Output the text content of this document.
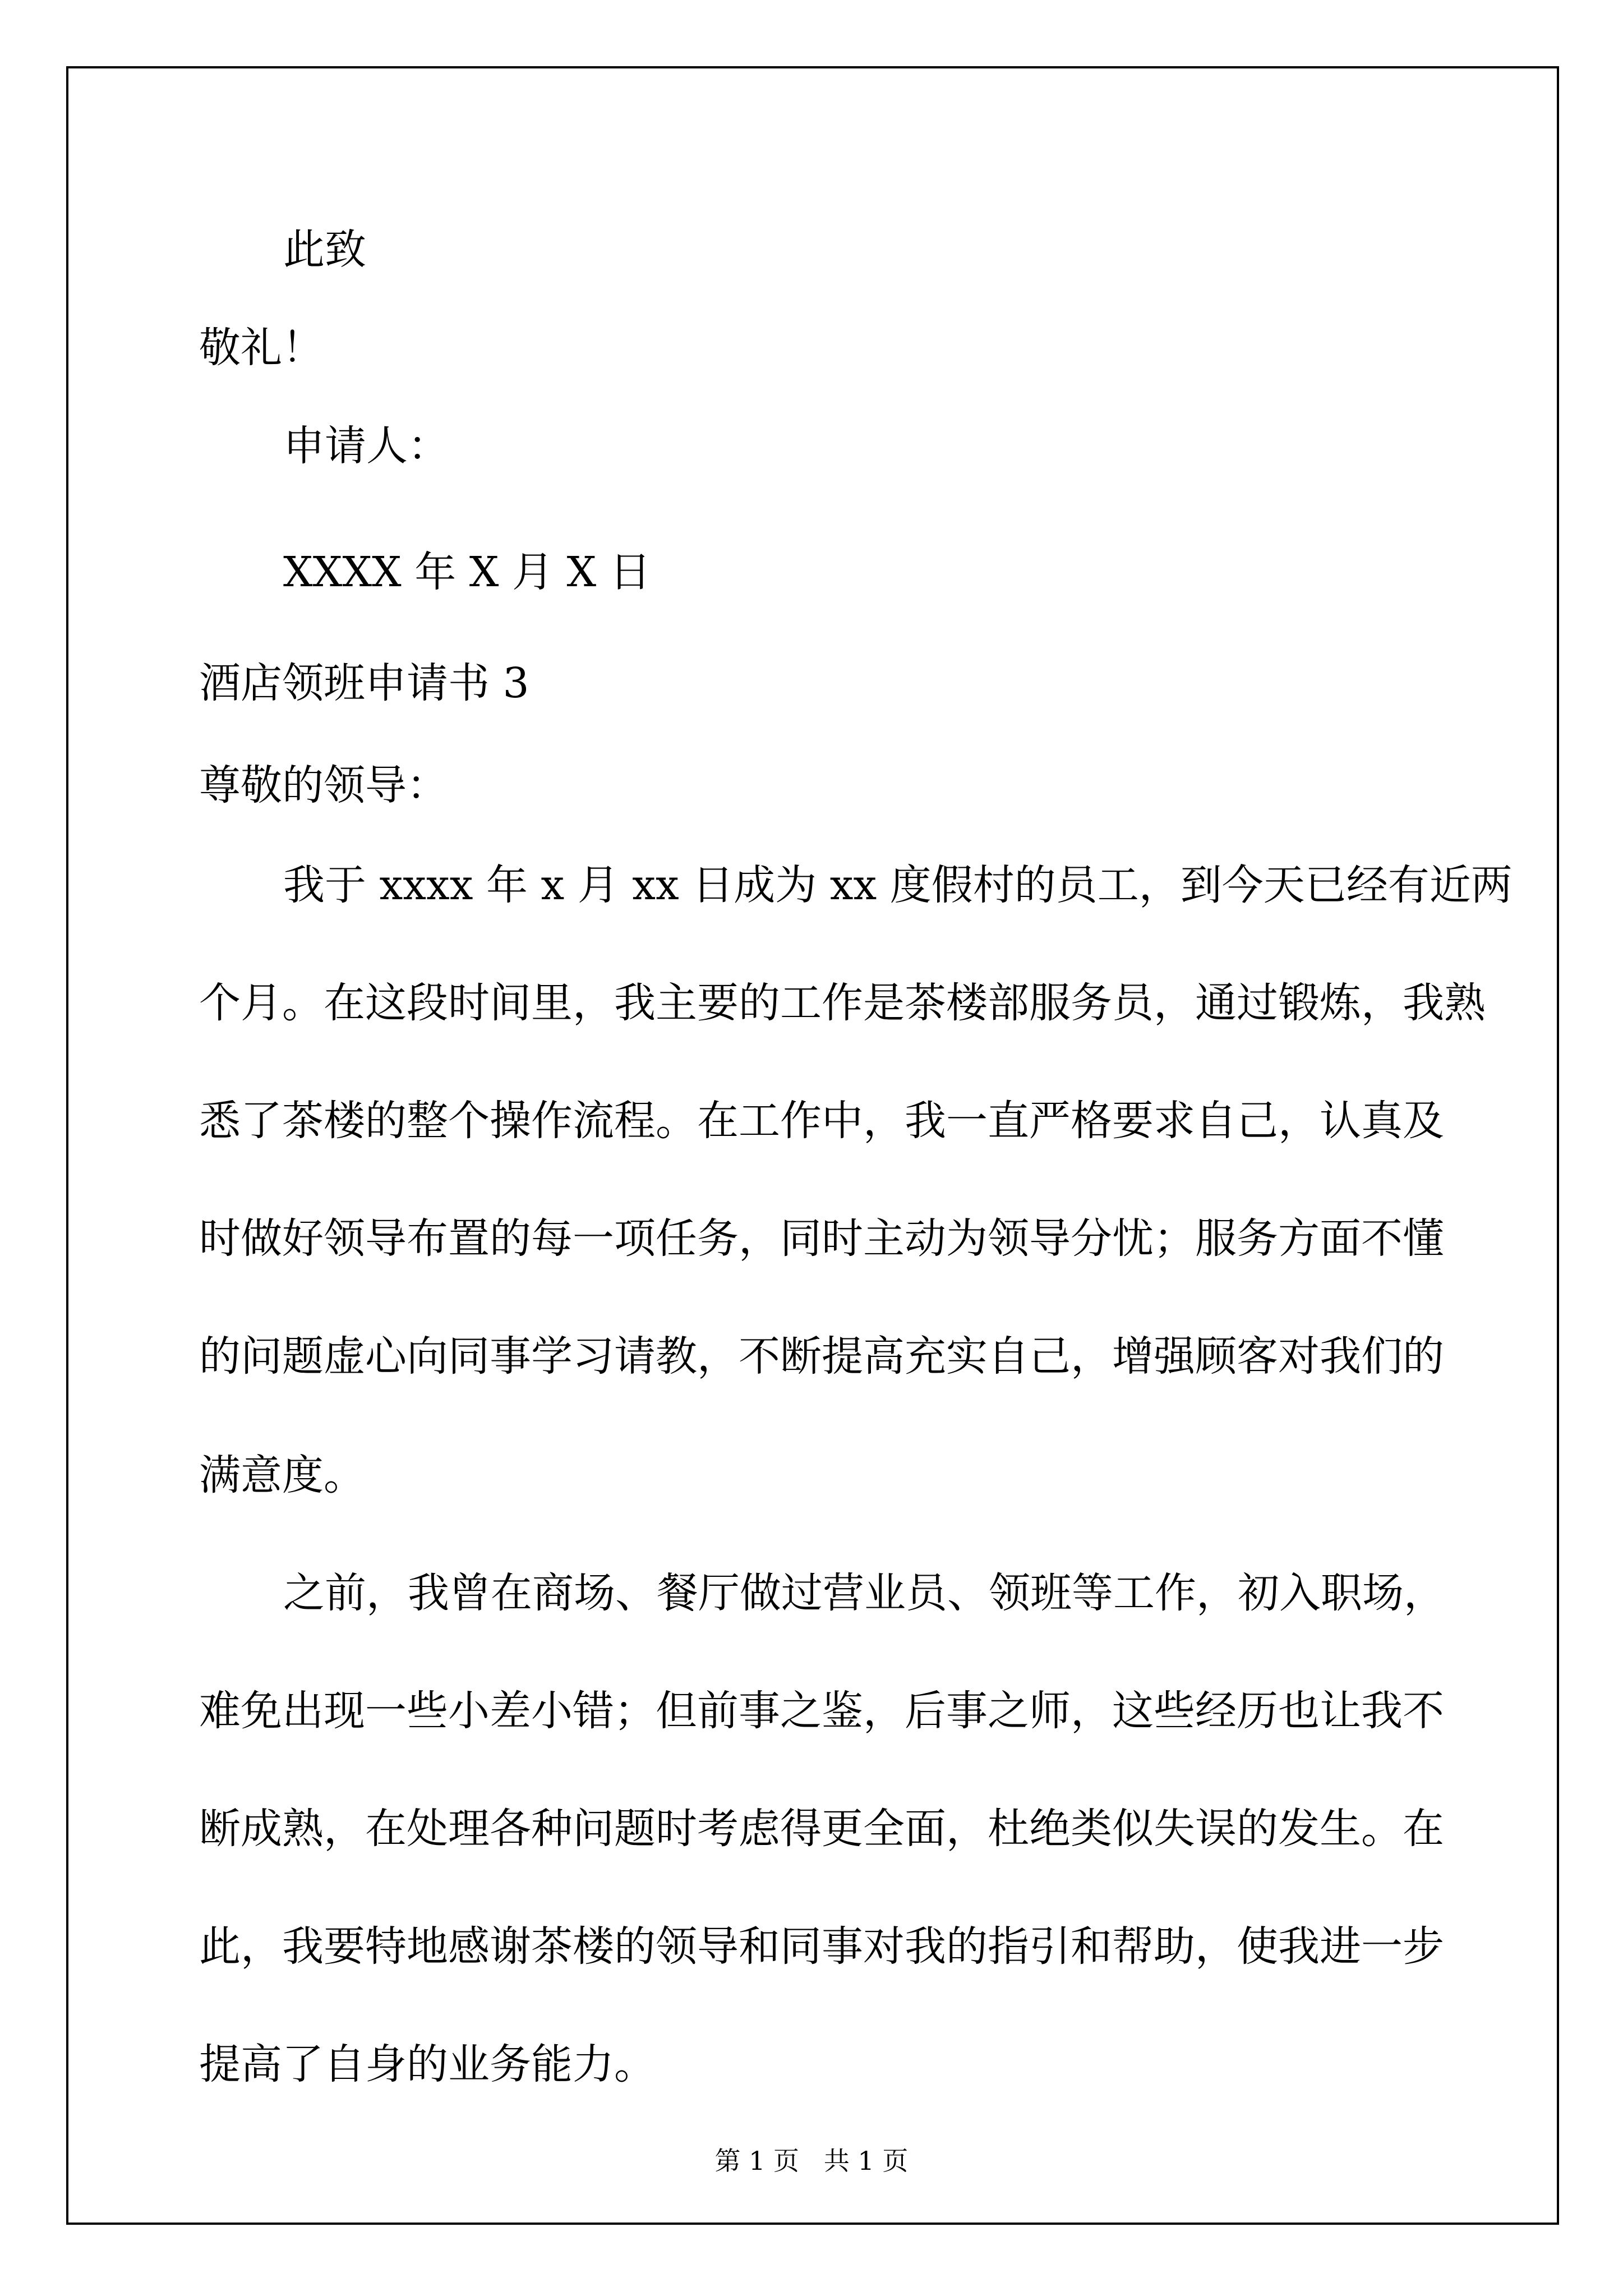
此致
敬礼！
申请人：
XXXX 年 X 月 X 日
酒店领班申请书 3
尊敬的领导：
我于 xxxx 年 x 月 xx 日成为 xx 度假村的员工，到今天已经有近两
个月。在这段时间里，我主要的工作是茶楼部服务员，通过锻炼，我熟
悉了茶楼的整个操作流程。在工作中，我一直严格要求自己，认真及
时做好领导布置的每一项任务，同时主动为领导分忧；服务方面不懂
的问题虚心向同事学习请教，不断提高充实自己，增强顾客对我们的
满意度。
之前，我曾在商场、餐厅做过营业员、领班等工作，初入职场，
难免出现一些小差小错；但前事之鉴，后事之师，这些经历也让我不
断成熟，在处理各种问题时考虑得更全面，杜绝类似失误的发生。在
此，我要特地感谢茶楼的领导和同事对我的指引和帮助，使我进一步
提高了自身的业务能力。
第 1 页   共 1 页
